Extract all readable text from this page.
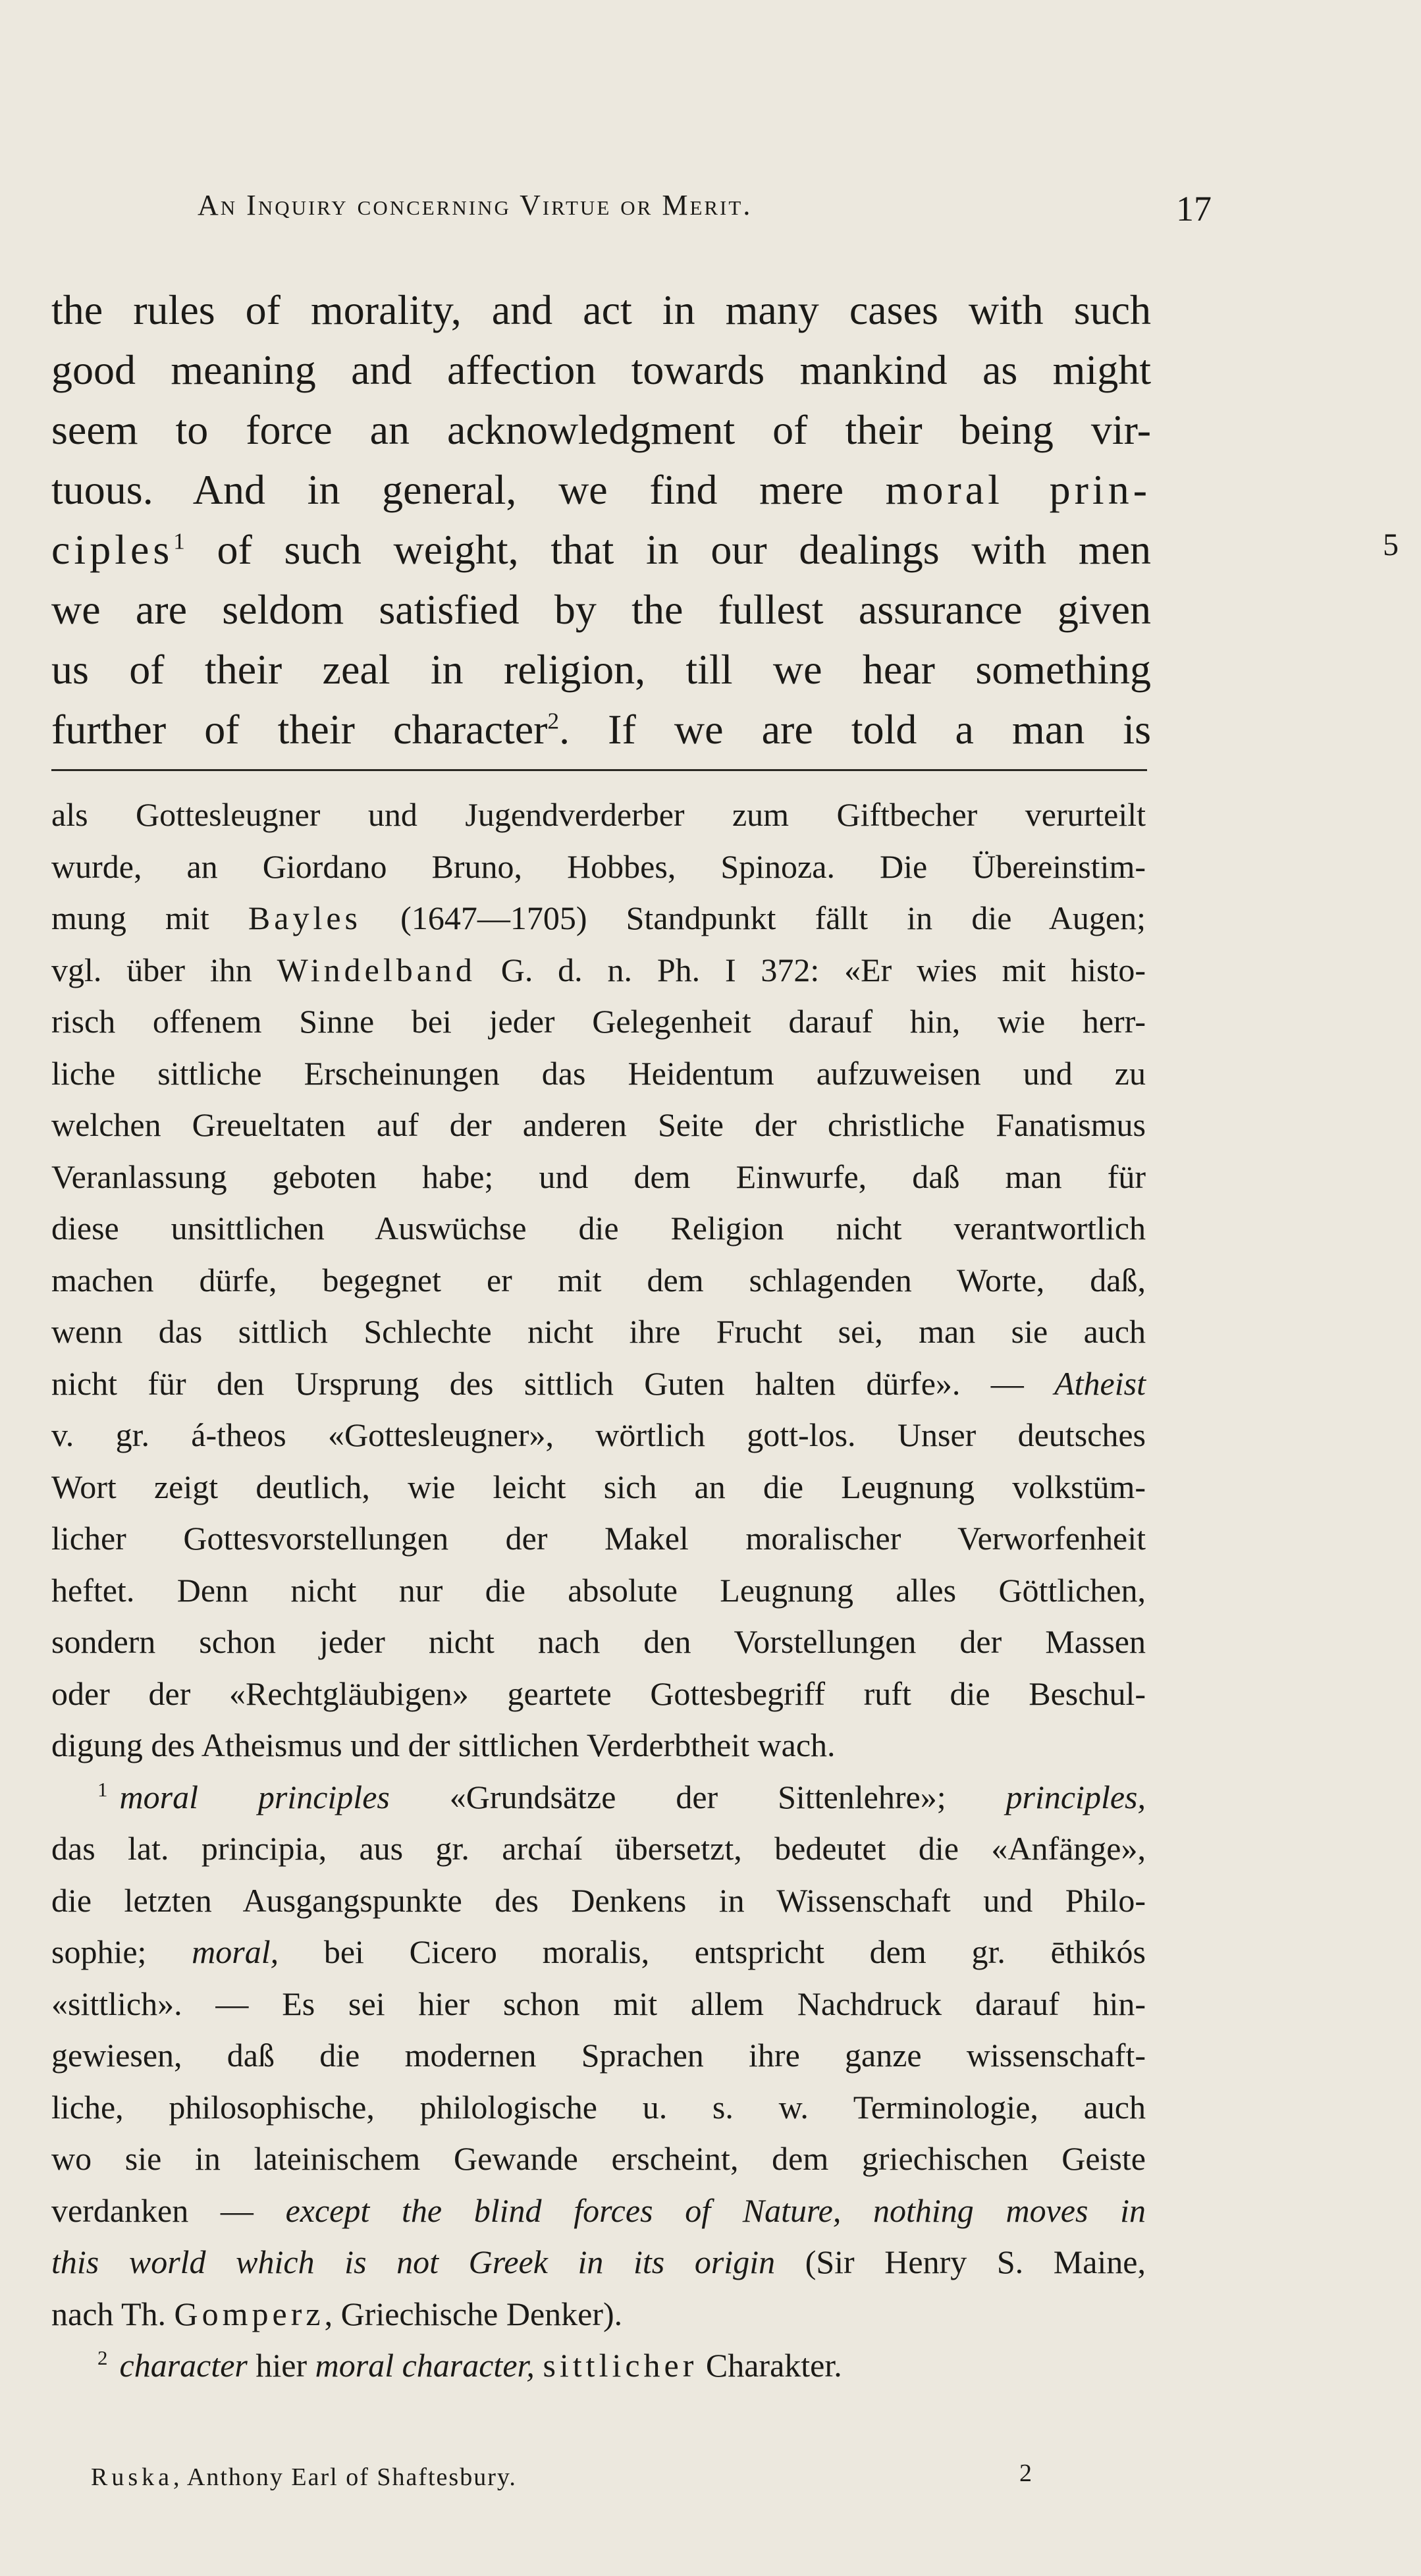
An Inquiry concerning Virtue or Merit.	17
the rules of morality, and act in many cases with such
good meaning and affection towards mankind as might
seem to force an acknowledgment of their being vir-
tuous. And in general, we find mere moral prin-
ciples$^1$ of such weight, that in our dealings with men
we are seldom satisfied by the fullest assurance given
us of their zeal in religion, till we hear something
further of their character$^2$. If we are told a man is
5
als Gottesleugner und Jugendverderber zum Giftbecher verurteilt
wurde, an Giordano Bruno, Hobbes, Spinoza. Die Übereinstim-
mung mit Bayles (1647—1705) Standpunkt fällt in die Augen;
vgl. über ihn Windelband G. d. n. Ph. I 372: «Er wies mit histo-
risch offenem Sinne bei jeder Gelegenheit darauf hin, wie herr-
liche sittliche Erscheinungen das Heidentum aufzuweisen und zu
welchen Greueltaten auf der anderen Seite der christliche Fanatismus
Veranlassung geboten habe; und dem Einwurfe, daß man für
diese unsittlichen Auswüchse die Religion nicht verantwortlich
machen dürfe, begegnet er mit dem schlagenden Worte, daß,
wenn das sittlich Schlechte nicht ihre Frucht sei, man sie auch
nicht für den Ursprung des sittlich Guten halten dürfe». — Atheist
v. gr. á-theos «Gottesleugner», wörtlich gott-los. Unser deutsches
Wort zeigt deutlich, wie leicht sich an die Leugnung volkstüm-
licher Gottesvorstellungen der Makel moralischer Verworfenheit
heftet. Denn nicht nur die absolute Leugnung alles Göttlichen,
sondern schon jeder nicht nach den Vorstellungen der Massen
oder der «Rechtgläubigen» geartete Gottesbegriff ruft die Beschul-
digung des Atheismus und der sittlichen Verderbtheit wach.
$^1$ moral principles «Grundsätze der Sittenlehre»; principles,
das lat. principia, aus gr. archaí übersetzt, bedeutet die «Anfänge»,
die letzten Ausgangspunkte des Denkens in Wissenschaft und Philo-
sophie; moral, bei Cicero moralis, entspricht dem gr. ēthikós
«sittlich». — Es sei hier schon mit allem Nachdruck darauf hin-
gewiesen, daß die modernen Sprachen ihre ganze wissenschaft-
liche, philosophische, philologische u. s. w. Terminologie, auch
wo sie in lateinischem Gewande erscheint, dem griechischen Geiste
verdanken — except the blind forces of Nature, nothing moves in
this world which is not Greek in its origin (Sir Henry S. Maine,
nach Th. Gomperz, Griechische Denker).
$^2$ character hier moral character, sittlicher Charakter.
Ruska, Anthony Earl of Shaftesbury.	2
